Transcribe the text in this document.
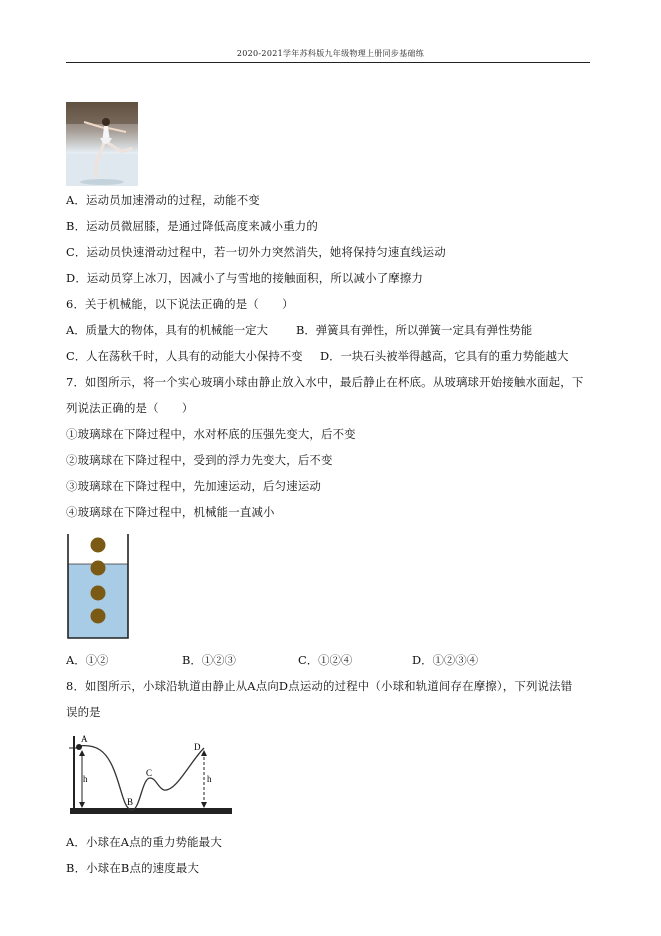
2020-2021学年苏科版九年级物理上册同步基础练
A．运动员加速滑动的过程，动能不变
B．运动员微屈膝，是通过降低高度来减小重力的
C．运动员快速滑动过程中，若一切外力突然消失，她将保持匀速直线运动
D．运动员穿上冰刀，因减小了与雪地的接触面积，所以减小了摩擦力
6．关于机械能，以下说法正确的是（　　）
A．质量大的物体，具有的机械能一定大 B．弹簧具有弹性，所以弹簧一定具有弹性势能
C．人在荡秋千时，人具有的动能大小保持不变 D．一块石头被举得越高，它具有的重力势能越大
7．如图所示，将一个实心玻璃小球由静止放入水中，最后静止在杯底。从玻璃球开始接触水面起，下
列说法正确的是（　　）
①玻璃球在下降过程中，水对杯底的压强先变大，后不变
②玻璃球在下降过程中，受到的浮力先变大，后不变
③玻璃球在下降过程中，先加速运动，后匀速运动
④玻璃球在下降过程中，机械能一直减小
A．①②	B．①②③	C．①②④	D．①②③④
8．如图所示，小球沿轨道由静止从A点向D点运动的过程中（小球和轨道间存在摩擦），下列说法错
误的是
A
B
C
D
h	h
A．小球在A点的重力势能最大
B．小球在B点的速度最大
